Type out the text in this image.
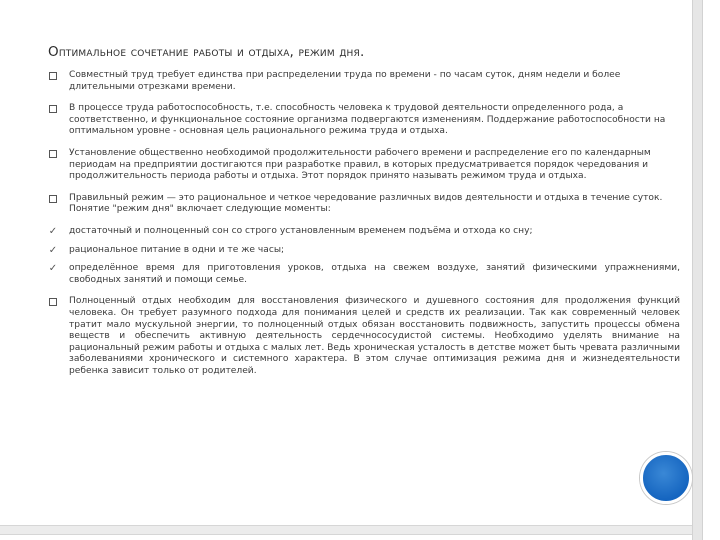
Оптимальное сочетание работы и отдыха, режим дня.
Совместный труд требует единства при распределении труда по времени - по часам суток, дням недели и более длительными отрезками времени.
В процессе труда работоспособность, т.е. способность человека к трудовой деятельности определенного рода, а соответственно, и функциональное состояние организма подвергаются изменениям. Поддержание работоспособности на оптимальном уровне - основная цель рационального режима труда и отдыха.
Установление общественно необходимой продолжительности рабочего времени и распределение его по календарным периодам на предприятии достигаются при разработке правил, в которых предусматривается порядок чередования и продолжительность периода работы и отдыха. Этот порядок принято называть режимом труда и отдыха.
Правильный режим — это рациональное и четкое чередование различных видов деятельности и отдыха в течение суток. Понятие "режим дня" включает следующие моменты:
✓ достаточный и полноценный сон со строго установленным временем подъёма и отхода ко сну;
✓ рациональное питание в одни и те же часы;
✓ определённое время для приготовления уроков, отдыха на свежем воздухе, занятий физическими упражнениями, свободных занятий и помощи семье.
Полноценный отдых необходим для восстановления физического и душевного состояния для продолжения функций человека. Он требует разумного подхода для понимания целей и средств их реализации. Так как современный человек тратит мало мускульной энергии, то полноценный отдых обязан восстановить подвижность, запустить процессы обмена веществ и обеспечить активную деятельность сердечнососудистой системы. Необходимо уделять внимание на рациональный режим работы и отдыха с малых лет. Ведь хроническая усталость в детстве может быть чревата различными заболеваниями хронического и системного характера. В этом случае оптимизация режима дня и жизнедеятельности ребенка зависит только от родителей.
